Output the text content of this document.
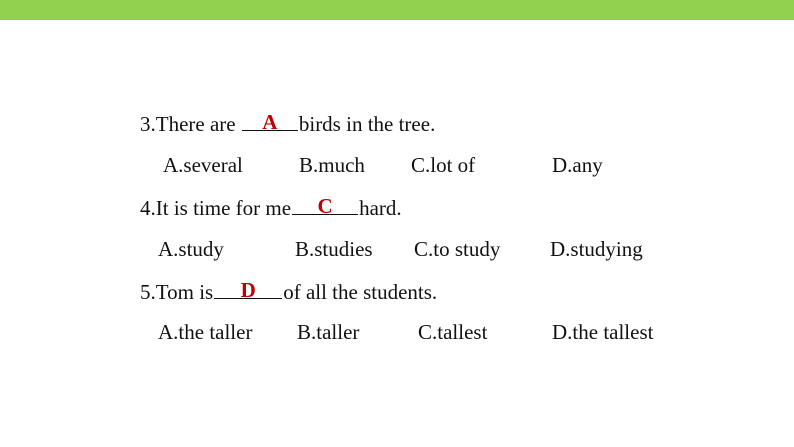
3.There are	A	birds in the tree.
A.several	B.much C.lot of	D.any
4.It is time for me	C	hard.
A.study	B.studies C.to study D.studying
5.Tom is	D	of all the students.
A.the taller B.taller	C.tallest	D.the tallest
